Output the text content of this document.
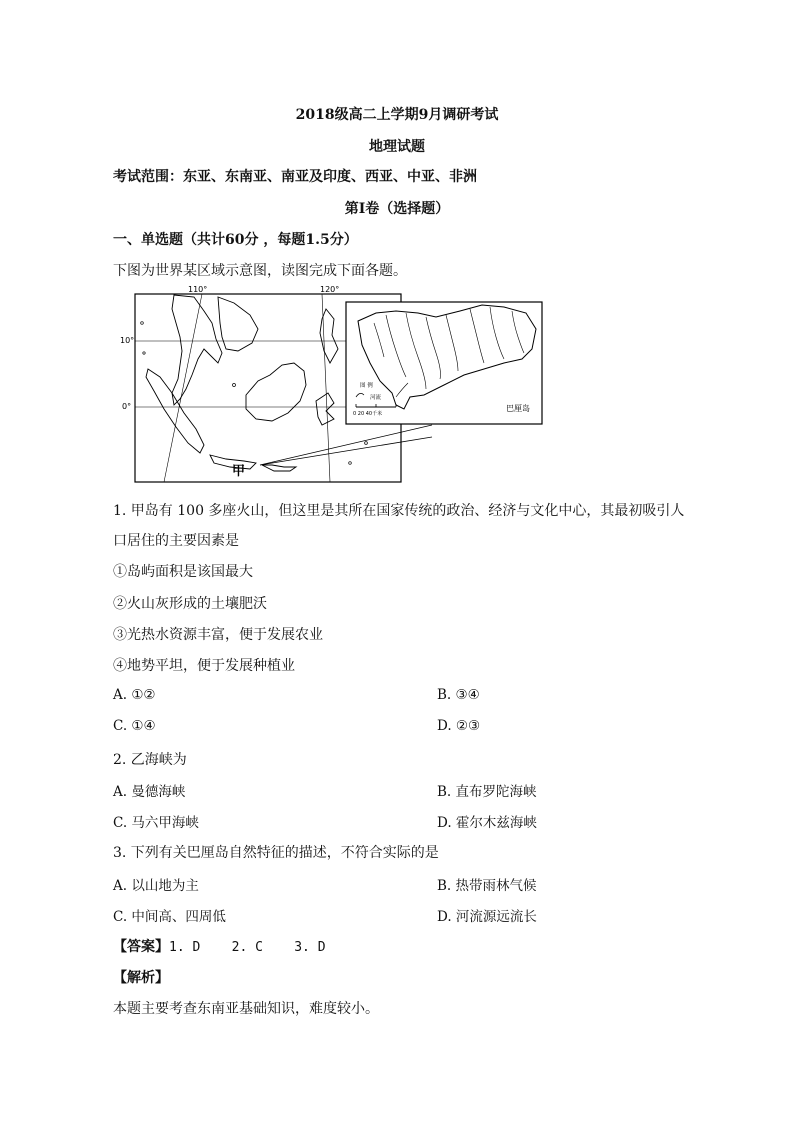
2018级高二上学期9月调研考试
地理试题
考试范围：东亚、东南亚、南亚及印度、西亚、中亚、非洲
第Ⅰ卷（选择题）
一、单选题（共计60分 ，每题1.5分）
下图为世界某区域示意图，读图完成下面各题。
110°	120°
10°
0°
甲
图 例
河流
0 20 40千米
巴厘岛
1. 甲岛有 100 多座火山，但这里是其所在国家传统的政治、经济与文化中心，其最初吸引人
口居住的主要因素是
①岛屿面积是该国最大
②火山灰形成的土壤肥沃
③光热水资源丰富，便于发展农业
④地势平坦，便于发展种植业
A. ①②	B. ③④
C. ①④	D. ②③
2. 乙海峡为
A. 曼德海峡	B. 直布罗陀海峡
C. 马六甲海峡	D. 霍尔木兹海峡
3. 下列有关巴厘岛自然特征的描述，不符合实际的是
A. 以山地为主	B. 热带雨林气候
C. 中间高、四周低	D. 河流源远流长
【答案】1. D    2. C    3. D
【解析】
本题主要考查东南亚基础知识，难度较小。
